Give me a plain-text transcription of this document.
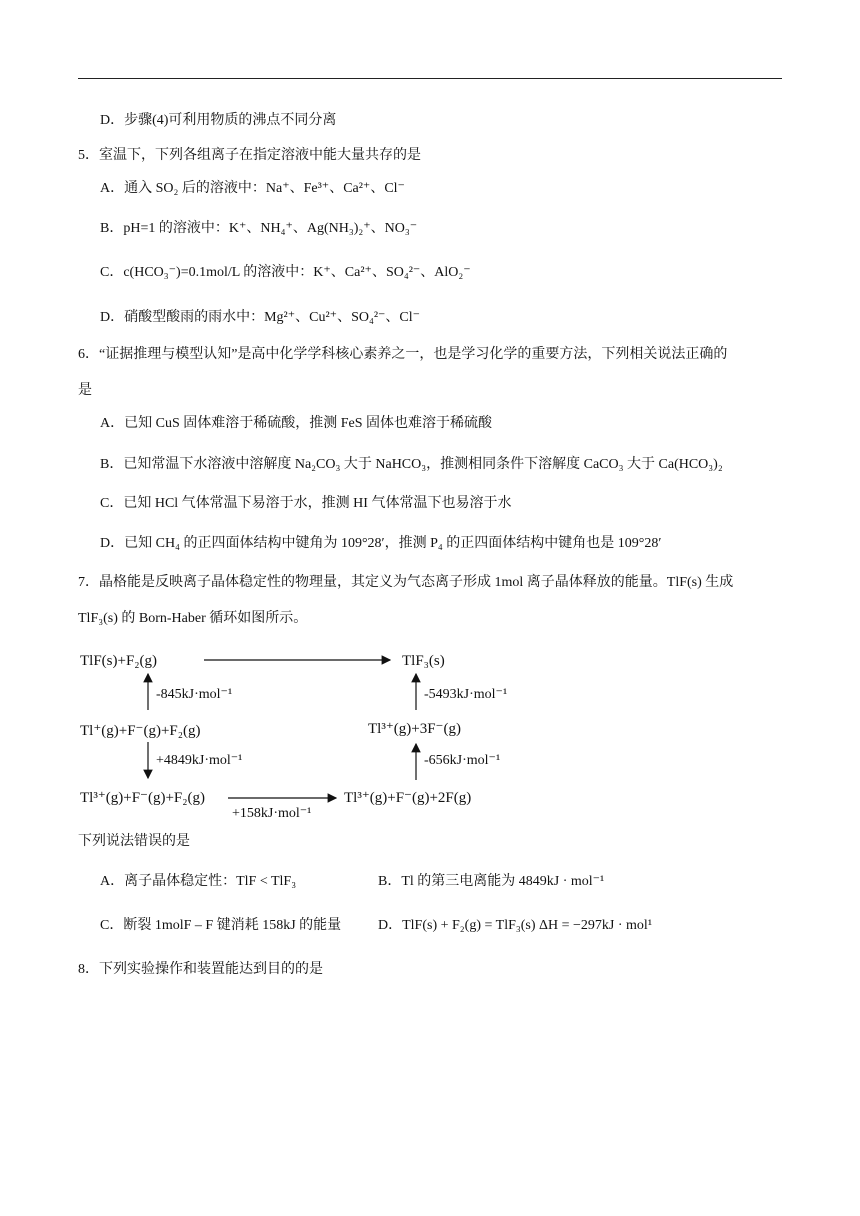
D．步骤(4)可利用物质的沸点不同分离
5．室温下，下列各组离子在指定溶液中能大量共存的是
A．通入 SO₂ 后的溶液中：Na⁺、Fe³⁺、Ca²⁺、Cl⁻
B．pH=1 的溶液中：K⁺、NH₄⁺、Ag(NH₃)₂⁺、NO₃⁻
C．c(HCO₃⁻)=0.1mol/L 的溶液中：K⁺、Ca²⁺、SO₄²⁻、AlO₂⁻
D．硝酸型酸雨的雨水中：Mg²⁺、Cu²⁺、SO₄²⁻、Cl⁻
6．“证据推理与模型认知”是高中化学学科核心素养之一，也是学习化学的重要方法，下列相关说法正确的
是
A．已知 CuS 固体难溶于稀硫酸，推测 FeS 固体也难溶于稀硫酸
B．已知常温下水溶液中溶解度 Na₂CO₃ 大于 NaHCO₃，推测相同条件下溶解度 CaCO₃ 大于 Ca(HCO₃)₂
C．已知 HCl 气体常温下易溶于水，推测 HI 气体常温下也易溶于水
D．已知 CH₄ 的正四面体结构中键角为 109°28′，推测 P₄ 的正四面体结构中键角也是 109°28′
7．晶格能是反映离子晶体稳定性的物理量，其定义为气态离子形成 1mol 离子晶体释放的能量。TlF(s) 生成
TlF₃(s) 的 Born-Haber 循环如图所示。
TlF(s)+F₂(g)	TlF₃(s)
-845kJ·mol⁻¹	-5493kJ·mol⁻¹
Tl⁺(g)+F⁻(g)+F₂(g)	Tl³⁺(g)+3F⁻(g)
+4849kJ·mol⁻¹	-656kJ·mol⁻¹
Tl³⁺(g)+F⁻(g)+F₂(g)	Tl³⁺(g)+F⁻(g)+2F(g)
+158kJ·mol⁻¹
下列说法错误的是
A．离子晶体稳定性：TlF < TlF₃	B．Tl 的第三电离能为 4849kJ · mol⁻¹
C．断裂 1molF – F 键消耗 158kJ 的能量	D．TlF(s) + F₂(g) = TlF₃(s) ΔH = −297kJ · mol¹
8．下列实验操作和装置能达到目的的是
